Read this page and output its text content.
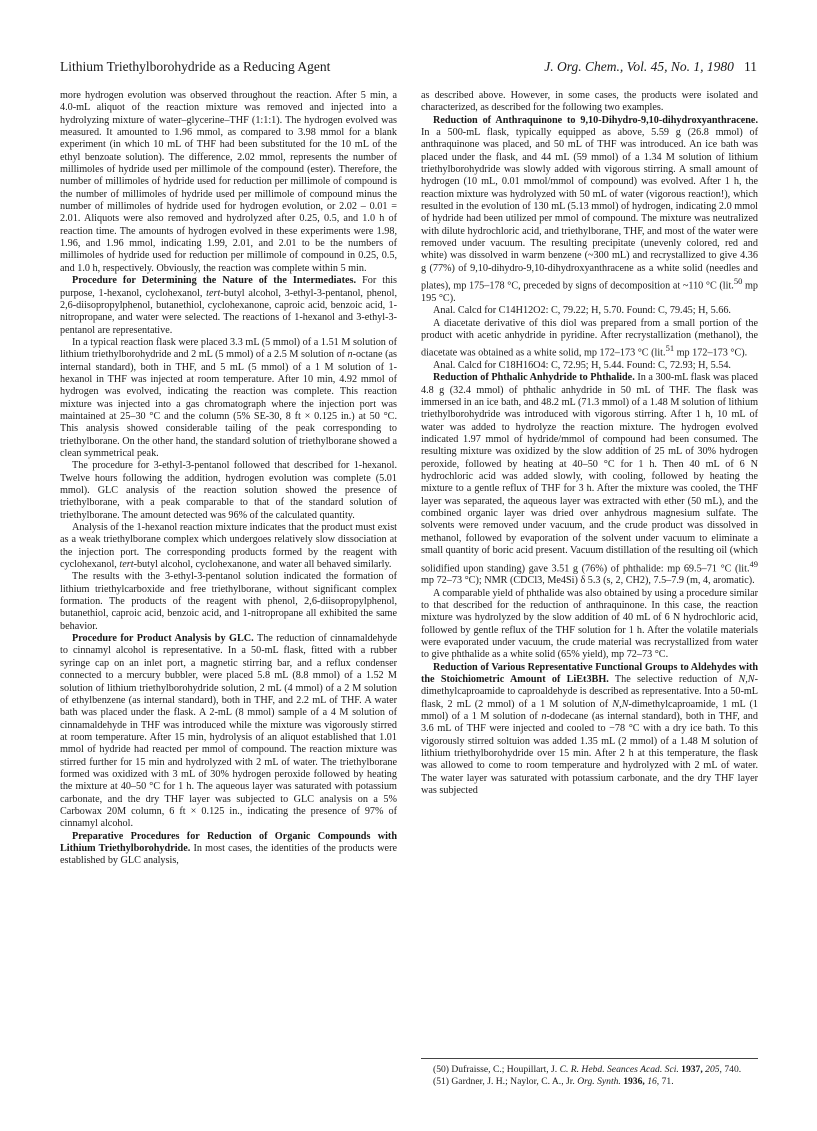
Lithium Triethylborohydride as a Reducing Agent	J. Org. Chem., Vol. 45, No. 1, 1980 11

more hydrogen evolution was observed throughout the reaction. After 5 min, a 4.0-mL aliquot of the reaction mixture was removed and injected into a hydrolyzing mixture of water–glycerine–THF (1:1:1). The hydrogen evolved was measured. It amounted to 1.96 mmol, as compared to 3.98 mmol for a blank experiment (in which 10 mL of THF had been substituted for the 10 mL of the ethyl benzoate solution). The difference, 2.02 mmol, represents the number of millimoles of hydride used per millimole of the compound (ester). Therefore, the number of millimoles of hydride used for reduction per millimole of compound is the number of millimoles of hydride used per millimole of compound minus the number of millimoles of hydride used for hydrogen evolution, or 2.02 – 0.01 = 2.01. Aliquots were also removed and hydrolyzed after 0.25, 0.5, and 1.0 h of reaction time. The amounts of hydrogen evolved in these experiments were 1.98, 1.96, and 1.96 mmol, indicating 1.99, 2.01, and 2.01 to be the numbers of millimoles of hydride used for reduction per millimole of compound in 0.25, 0.5, and 1.0 h, respectively. Obviously, the reaction was complete within 5 min.

Procedure for Determining the Nature of the Intermediates. For this purpose, 1-hexanol, cyclohexanol, tert-butyl alcohol, 3-ethyl-3-pentanol, phenol, 2,6-diisopropylphenol, butanethiol, cyclohexanone, caproic acid, benzoic acid, 1-nitropropane, and water were selected. The reactions of 1-hexanol and 3-ethyl-3-pentanol are representative.

In a typical reaction flask were placed 3.3 mL (5 mmol) of a 1.51 M solution of lithium triethylborohydride and 2 mL (5 mmol) of a 2.5 M solution of n-octane (as internal standard), both in THF, and 5 mL (5 mmol) of a 1 M solution of 1-hexanol in THF was injected at room temperature. After 10 min, 4.92 mmol of hydrogen was evolved, indicating the reaction was complete. This reaction mixture was injected into a gas chromatograph where the injection port was maintained at 25–30 °C and the column (5% SE-30, 8 ft × 0.125 in.) at 50 °C. This analysis showed considerable tailing of the peak corresponding to triethylborane. On the other hand, the standard solution of triethylborane showed a clean symmetrical peak.

The procedure for 3-ethyl-3-pentanol followed that described for 1-hexanol. Twelve hours following the addition, hydrogen evolution was complete (5.01 mmol). GLC analysis of the reaction solution showed the presence of triethylborane, with a peak comparable to that of the standard solution of triethylborane. The amount detected was 96% of the calculated quantity.

Analysis of the 1-hexanol reaction mixture indicates that the product must exist as a weak triethylborane complex which undergoes relatively slow dissociation at the injection port. The corresponding products formed by the reagent with cyclohexanol, tert-butyl alcohol, cyclohexanone, and water all behaved similarly.

The results with the 3-ethyl-3-pentanol solution indicated the formation of lithium triethylcarboxide and free triethylborane, without significant complex formation. The products of the reagent with phenol, 2,6-diisopropylphenol, butanethiol, caproic acid, benzoic acid, and 1-nitropropane all exhibited the same behavior.

Procedure for Product Analysis by GLC. The reduction of cinnamaldehyde to cinnamyl alcohol is representative. In a 50-mL flask, fitted with a rubber syringe cap on an inlet port, a magnetic stirring bar, and a reflux condenser connected to a mercury bubbler, were placed 5.8 mL (8.8 mmol) of a 1.52 M solution of lithium triethylborohydride solution, 2 mL (4 mmol) of a 2 M solution of ethylbenzene (as internal standard), both in THF, and 2.2 mL of THF. A water bath was placed under the flask. A 2-mL (8 mmol) sample of a 4 M solution of cinnamaldehyde in THF was introduced while the mixture was vigorously stirred at room temperature. After 15 min, hydrolysis of an aliquot established that 1.01 mmol of hydride had reacted per mmol of compound. The reaction mixture was stirred further for 15 min and hydrolyzed with 2 mL of water. The triethylborane formed was oxidized with 3 mL of 30% hydrogen peroxide followed by heating the mixture at 40–50 °C for 1 h. The aqueous layer was saturated with potassium carbonate, and the dry THF layer was subjected to GLC analysis on a 5% Carbowax 20M column, 6 ft × 0.125 in., indicating the presence of 97% of cinnamyl alcohol.

Preparative Procedures for Reduction of Organic Compounds with Lithium Triethylborohydride. In most cases, the identities of the products were established by GLC analysis,

as described above. However, in some cases, the products were isolated and characterized, as described for the following two examples.

Reduction of Anthraquinone to 9,10-Dihydro-9,10-dihydroxyanthracene. In a 500-mL flask, typically equipped as above, 5.59 g (26.8 mmol) of anthraquinone was placed, and 50 mL of THF was introduced. An ice bath was placed under the flask, and 44 mL (59 mmol) of a 1.34 M solution of lithium triethylborohydride was slowly added with vigorous stirring. A small amount of hydrogen (10 mL, 0.01 mmol/mmol of compound) was evolved. After 1 h, the reaction mixture was hydrolyzed with 50 mL of water (vigorous reaction!), which resulted in the evolution of 130 mL (5.13 mmol) of hydrogen, indicating 2.0 mmol of hydride had been utilized per mmol of compound. The mixture was neutralized with dilute hydrochloric acid, and triethylborane, THF, and most of the water were removed under vacuum. The resulting precipitate (unevenly colored, red and white) was dissolved in warm benzene (~300 mL) and recrystallized to give 4.36 g (77%) of 9,10-dihydro-9,10-dihydroxyanthracene as a white solid (needles and plates), mp 175–178 °C, preceded by signs of decomposition at ~110 °C (lit.$^{50}$ mp 195 °C).

Anal. Calcd for C14H12O2: C, 79.22; H, 5.70. Found: C, 79.45; H, 5.66.

A diacetate derivative of this diol was prepared from a small portion of the product with acetic anhydride in pyridine. After recrystallization (methanol), the diacetate was obtained as a white solid, mp 172–173 °C (lit.$^{51}$ mp 172–173 °C).

Anal. Calcd for C18H16O4: C, 72.95; H, 5.44. Found: C, 72.93; H, 5.54.

Reduction of Phthalic Anhydride to Phthalide. In a 300-mL flask was placed 4.8 g (32.4 mmol) of phthalic anhydride in 50 mL of THF. The flask was immersed in an ice bath, and 48.2 mL (71.3 mmol) of a 1.48 M solution of lithium triethylborohydride was introduced with vigorous stirring. After 1 h, 10 mL of water was added to hydrolyze the reaction mixture. The hydrogen evolved indicated 1.97 mmol of hydride/mmol of compound had been consumed. The resulting mixture was oxidized by the slow addition of 25 mL of 30% hydrogen peroxide, followed by heating at 40–50 °C for 1 h. Then 40 mL of 6 N hydrochloric acid was added slowly, with cooling, followed by heating the mixture to a gentle reflux of THF for 3 h. After the mixture was cooled, the THF layer was separated, the aqueous layer was extracted with ether (50 mL), and the combined organic layer was dried over anhydrous magnesium sulfate. The solvents were removed under vacuum, and the crude product was dissolved in methanol, followed by evaporation of the solvent under vacuum to eliminate a small quantity of boric acid present. Vacuum distillation of the resulting oil (which solidified upon standing) gave 3.51 g (76%) of phthalide: mp 69.5–71 °C (lit.$^{49}$ mp 72–73 °C); NMR (CDCl3, Me4Si) δ 5.3 (s, 2, CH2), 7.5–7.9 (m, 4, aromatic).

A comparable yield of phthalide was also obtained by using a procedure similar to that described for the reduction of anthraquinone. In this case, the reaction mixture was hydrolyzed by the slow addition of 40 mL of 6 N hydrochloric acid, followed by gentle reflux of the THF solution for 1 h. After the volatile materials were evaporated under vacuum, the crude material was recrystallized from water to give phthalide as a white solid (65% yield), mp 72–73 °C.

Reduction of Various Representative Functional Groups to Aldehydes with the Stoichiometric Amount of LiEt3BH. The selective reduction of N,N-dimethylcaproamide to caproaldehyde is described as representative. Into a 50-mL flask, 2 mL (2 mmol) of a 1 M solution of N,N-dimethylcaproamide, 1 mL (1 mmol) of a 1 M solution of n-dodecane (as internal standard), both in THF, and 3.6 mL of THF were injected and cooled to −78 °C with a dry ice bath. To this vigorously stirred soltuion was added 1.35 mL (2 mmol) of a 1.48 M solution of lithium triethylborohydride over 15 min. After 2 h at this temperature, the flask was allowed to come to room temperature and hydrolyzed with 2 mL of water. The water layer was saturated with potassium carbonate, and the dry THF layer was subjected

(50) Dufraisse, C.; Houpillart, J. C. R. Hebd. Seances Acad. Sci. 1937, 205, 740.
(51) Gardner, J. H.; Naylor, C. A., Jr. Org. Synth. 1936, 16, 71.
